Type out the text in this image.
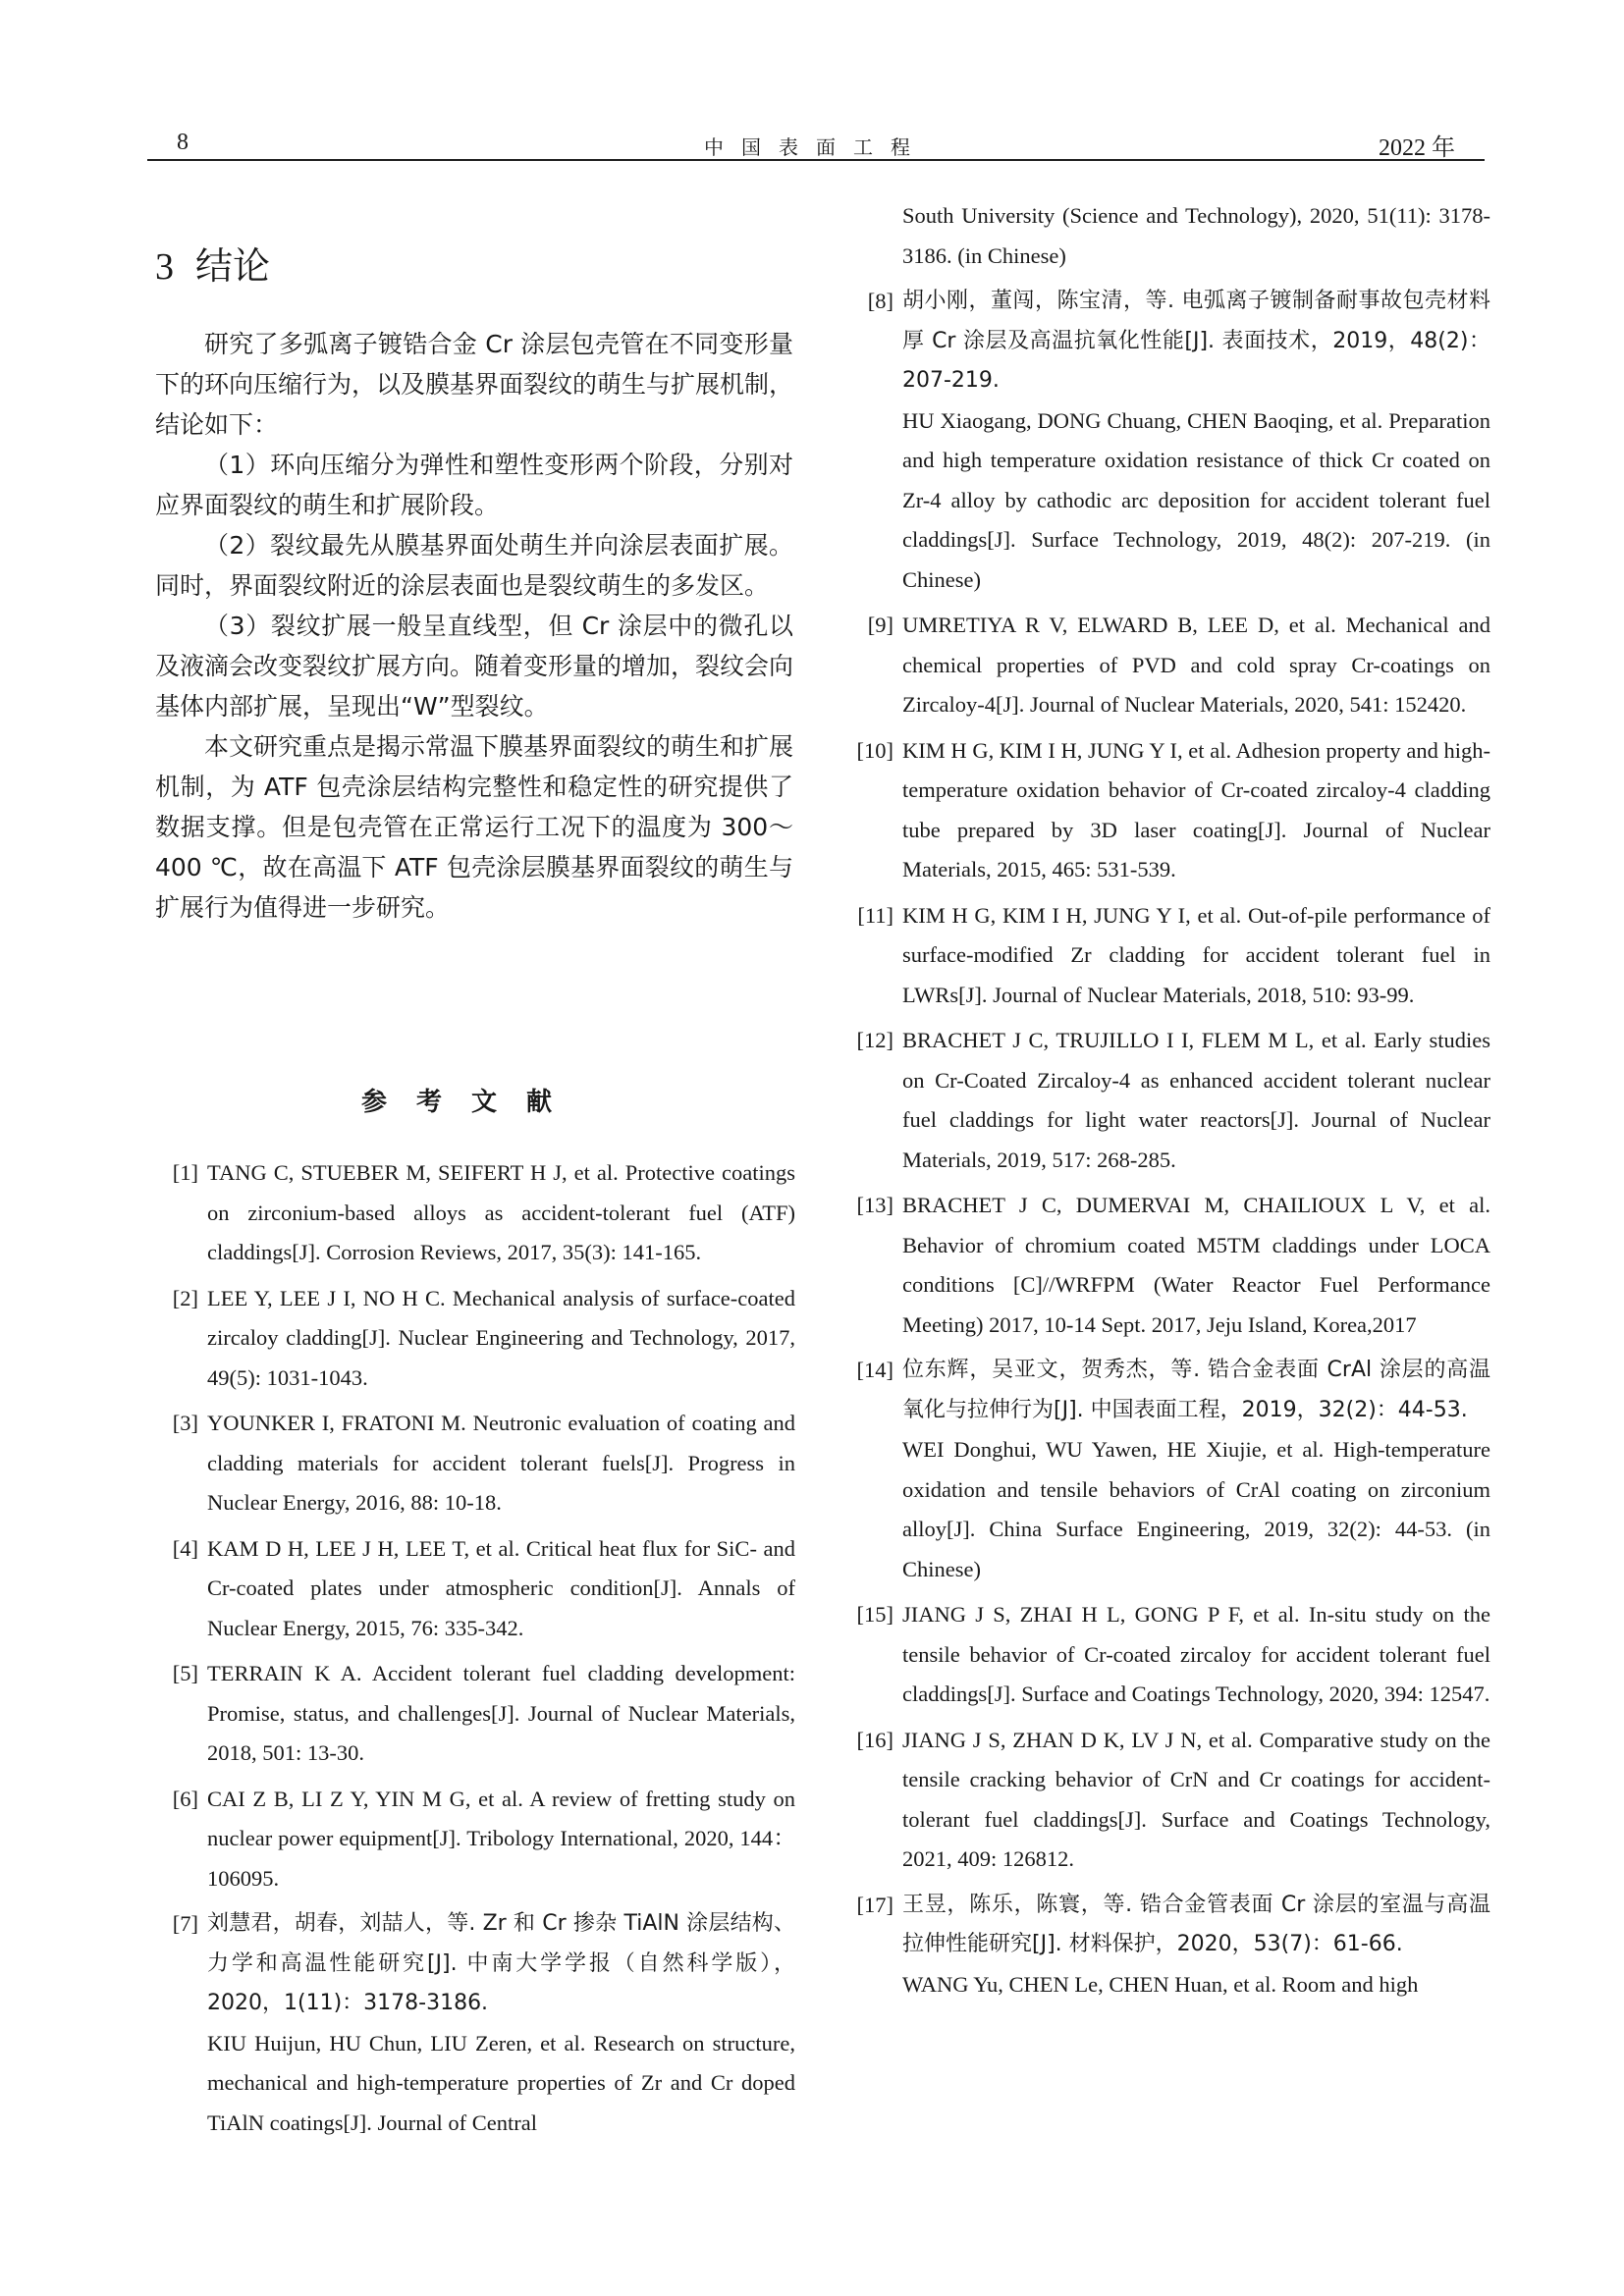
8	中国表面工程	2022 年
3 结论

研究了多弧离子镀锆合金 Cr 涂层包壳管在不同变形量下的环向压缩行为，以及膜基界面裂纹的萌生与扩展机制，结论如下：

（1）环向压缩分为弹性和塑性变形两个阶段，分别对应界面裂纹的萌生和扩展阶段。

（2）裂纹最先从膜基界面处萌生并向涂层表面扩展。同时，界面裂纹附近的涂层表面也是裂纹萌生的多发区。

（3）裂纹扩展一般呈直线型，但 Cr 涂层中的微孔以及液滴会改变裂纹扩展方向。随着变形量的增加，裂纹会向基体内部扩展，呈现出“W”型裂纹。

本文研究重点是揭示常温下膜基界面裂纹的萌生和扩展机制，为 ATF 包壳涂层结构完整性和稳定性的研究提供了数据支撑。但是包壳管在正常运行工况下的温度为 300～400 ℃，故在高温下 ATF 包壳涂层膜基界面裂纹的萌生与扩展行为值得进一步研究。

参考文献
[1] TANG C, STUEBER M, SEIFERT H J, et al. Protective coatings on zirconium-based alloys as accident-tolerant fuel (ATF) claddings[J]. Corrosion Reviews, 2017, 35(3): 141-165.
[2] LEE Y, LEE J I, NO H C. Mechanical analysis of surface-coated zircaloy cladding[J]. Nuclear Engineering and Technology, 2017, 49(5): 1031-1043.
[3] YOUNKER I, FRATONI M. Neutronic evaluation of coating and cladding materials for accident tolerant fuels[J]. Progress in Nuclear Energy, 2016, 88: 10-18.
[4] KAM D H, LEE J H, LEE T, et al. Critical heat flux for SiC- and Cr-coated plates under atmospheric condition[J]. Annals of Nuclear Energy, 2015, 76: 335-342.
[5] TERRAIN K A. Accident tolerant fuel cladding development: Promise, status, and challenges[J]. Journal of Nuclear Materials, 2018, 501: 13-30.
[6] CAI Z B, LI Z Y, YIN M G, et al. A review of fretting study on nuclear power equipment[J]. Tribology International, 2020, 144：106095.
[7] 刘慧君，胡春，刘喆人，等. Zr 和 Cr 掺杂 TiAlN 涂层结构、力学和高温性能研究[J]. 中南大学学报（自然科学版），2020，1(11)：3178-3186.
KIU Huijun, HU Chun, LIU Zeren, et al. Research on structure, mechanical and high-temperature properties of Zr and Cr doped TiAlN coatings[J]. Journal of Central
South University (Science and Technology), 2020, 51(11): 3178-3186. (in Chinese)
[8] 胡小刚，董闯，陈宝清，等. 电弧离子镀制备耐事故包壳材料厚 Cr 涂层及高温抗氧化性能[J]. 表面技术，2019，48(2)：207-219.
HU Xiaogang, DONG Chuang, CHEN Baoqing, et al. Preparation and high temperature oxidation resistance of thick Cr coated on Zr-4 alloy by cathodic arc deposition for accident tolerant fuel claddings[J]. Surface Technology, 2019, 48(2): 207-219. (in Chinese)
[9] UMRETIYA R V, ELWARD B, LEE D, et al. Mechanical and chemical properties of PVD and cold spray Cr-coatings on Zircaloy-4[J]. Journal of Nuclear Materials, 2020, 541: 152420.
[10] KIM H G, KIM I H, JUNG Y I, et al. Adhesion property and high-temperature oxidation behavior of Cr-coated zircaloy-4 cladding tube prepared by 3D laser coating[J]. Journal of Nuclear Materials, 2015, 465: 531-539.
[11] KIM H G, KIM I H, JUNG Y I, et al. Out-of-pile performance of surface-modified Zr cladding for accident tolerant fuel in LWRs[J]. Journal of Nuclear Materials, 2018, 510: 93-99.
[12] BRACHET J C, TRUJILLO I I, FLEM M L, et al. Early studies on Cr-Coated Zircaloy-4 as enhanced accident tolerant nuclear fuel claddings for light water reactors[J]. Journal of Nuclear Materials, 2019, 517: 268-285.
[13] BRACHET J C, DUMERVAI M, CHAILIOUX L V, et al. Behavior of chromium coated M5TM claddings under LOCA conditions [C]//WRFPM (Water Reactor Fuel Performance Meeting) 2017, 10-14 Sept. 2017, Jeju Island, Korea,2017
[14] 位东辉，吴亚文，贺秀杰，等. 锆合金表面 CrAl 涂层的高温氧化与拉伸行为[J]. 中国表面工程，2019，32(2)：44-53.
WEI Donghui, WU Yawen, HE Xiujie, et al. High-temperature oxidation and tensile behaviors of CrAl coating on zirconium alloy[J]. China Surface Engineering, 2019, 32(2): 44-53. (in Chinese)
[15] JIANG J S, ZHAI H L, GONG P F, et al. In-situ study on the tensile behavior of Cr-coated zircaloy for accident tolerant fuel claddings[J]. Surface and Coatings Technology, 2020, 394: 12547.
[16] JIANG J S, ZHAN D K, LV J N, et al. Comparative study on the tensile cracking behavior of CrN and Cr coatings for accident-tolerant fuel claddings[J]. Surface and Coatings Technology, 2021, 409: 126812.
[17] 王昱，陈乐，陈寰，等. 锆合金管表面 Cr 涂层的室温与高温拉伸性能研究[J]. 材料保护，2020，53(7)：61-66.
WANG Yu, CHEN Le, CHEN Huan, et al. Room and high
